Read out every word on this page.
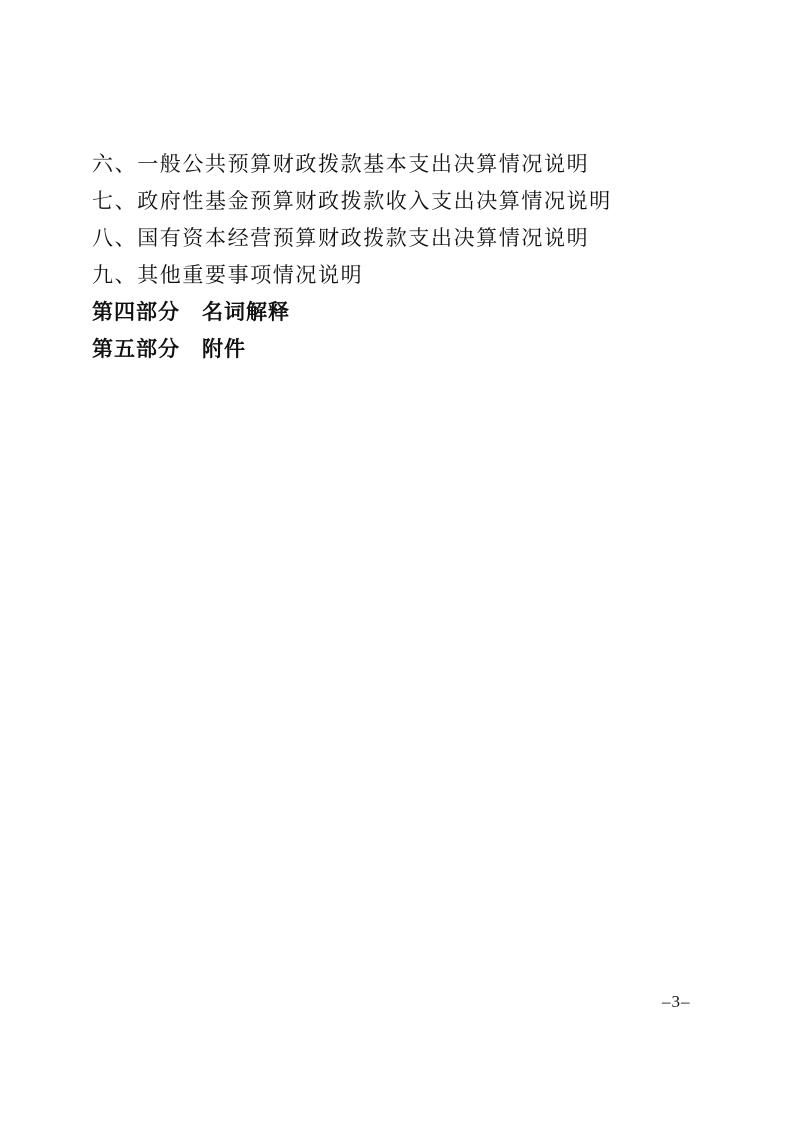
六、一般公共预算财政拨款基本支出决算情况说明
七、政府性基金预算财政拨款收入支出决算情况说明
八、国有资本经营预算财政拨款支出决算情况说明
九、其他重要事项情况说明
第四部分 名词解释
第五部分 附件
–3–
